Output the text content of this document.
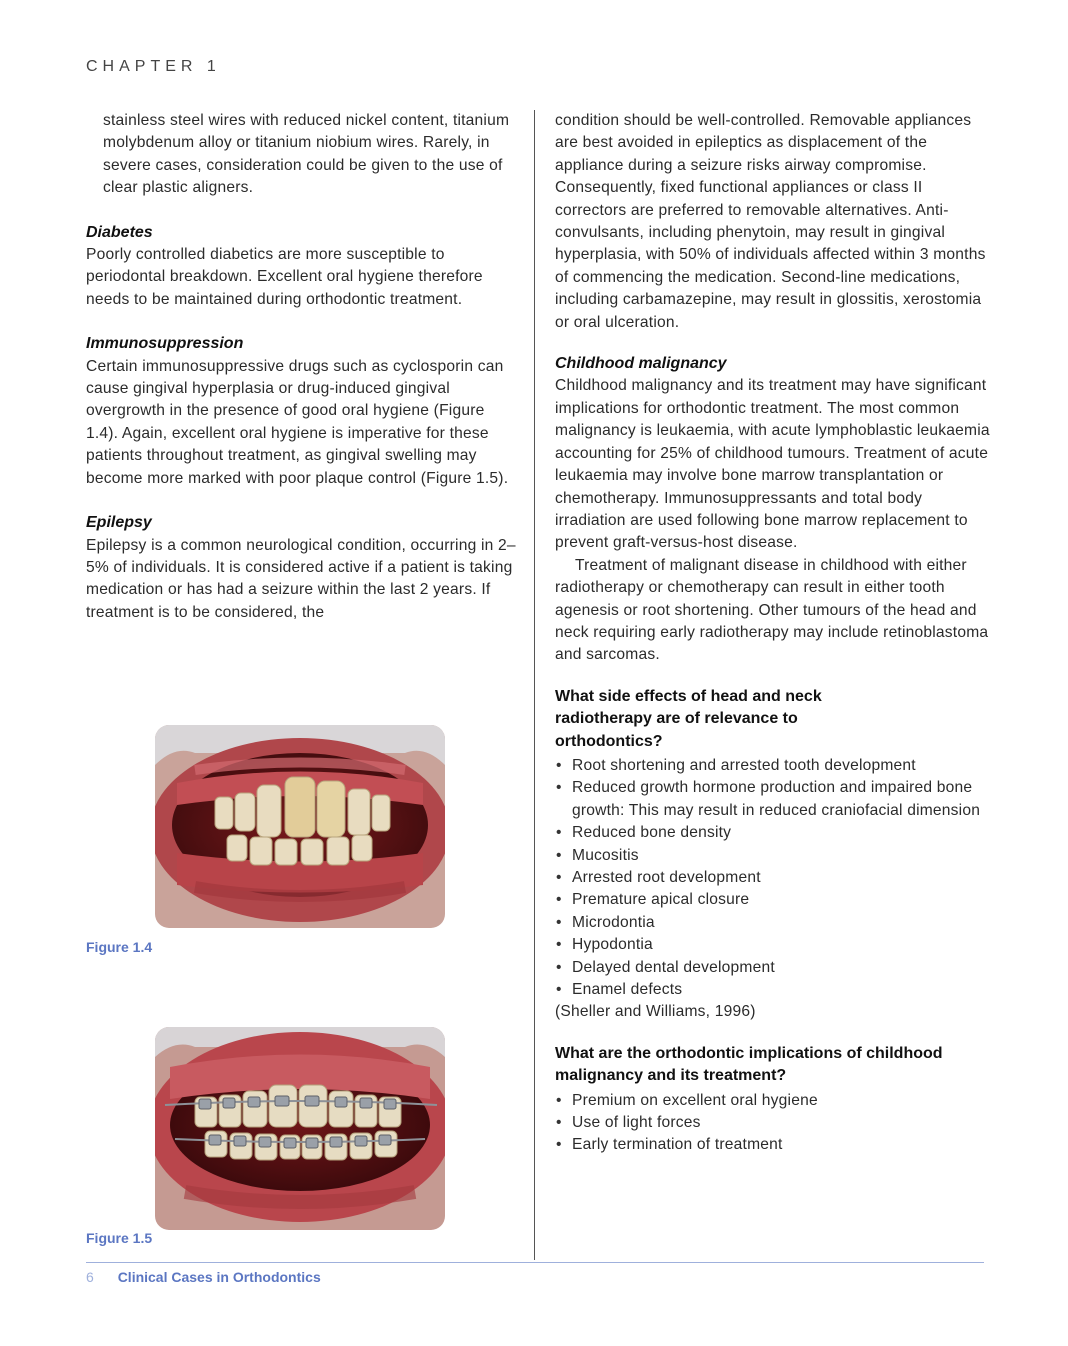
CHAPTER 1

stainless steel wires with reduced nickel content, titanium molybdenum alloy or titanium niobium wires. Rarely, in severe cases, consideration could be given to the use of clear plastic aligners.

Diabetes

Poorly controlled diabetics are more susceptible to periodontal breakdown. Excellent oral hygiene therefore needs to be maintained during orthodontic treatment.

Immunosuppression

Certain immunosuppressive drugs such as cyclosporin can cause gingival hyperplasia or drug-induced gingival overgrowth in the presence of good oral hygiene (Figure 1.4). Again, excellent oral hygiene is imperative for these patients throughout treatment, as gingival swelling may become more marked with poor plaque control (Figure 1.5).

Epilepsy

Epilepsy is a common neurological condition, occurring in 2–5% of individuals. It is considered active if a patient is taking medication or has had a seizure within the last 2 years. If treatment is to be considered, the

Figure 1.4
Figure 1.5

condition should be well-controlled. Removable appliances are best avoided in epileptics as displacement of the appliance during a seizure risks airway compromise. Consequently, fixed functional appliances or class II correctors are preferred to removable alternatives. Anti-convulsants, including phenytoin, may result in gingival hyperplasia, with 50% of individuals affected within 3 months of commencing the medication. Second-line medications, including carbamazepine, may result in glossitis, xerostomia or oral ulceration.

Childhood malignancy

Childhood malignancy and its treatment may have significant implications for orthodontic treatment. The most common malignancy is leukaemia, with acute lymphoblastic leukaemia accounting for 25% of childhood tumours. Treatment of acute leukaemia may involve bone marrow transplantation or chemotherapy. Immunosuppressants and total body irradiation are used following bone marrow replacement to prevent graft-versus-host disease.

Treatment of malignant disease in childhood with either radiotherapy or chemotherapy can result in either tooth agenesis or root shortening. Other tumours of the head and neck requiring early radiotherapy may include retinoblastoma and sarcomas.

What side effects of head and neck radiotherapy are of relevance to orthodontics?
• Root shortening and arrested tooth development
• Reduced growth hormone production and impaired bone growth: This may result in reduced craniofacial dimension
• Reduced bone density
• Mucositis
• Arrested root development
• Premature apical closure
• Microdontia
• Hypodontia
• Delayed dental development
• Enamel defects

(Sheller and Williams, 1996)

What are the orthodontic implications of childhood malignancy and its treatment?
• Premium on excellent oral hygiene
• Use of light forces
• Early termination of treatment
6 Clinical Cases in Orthodontics
